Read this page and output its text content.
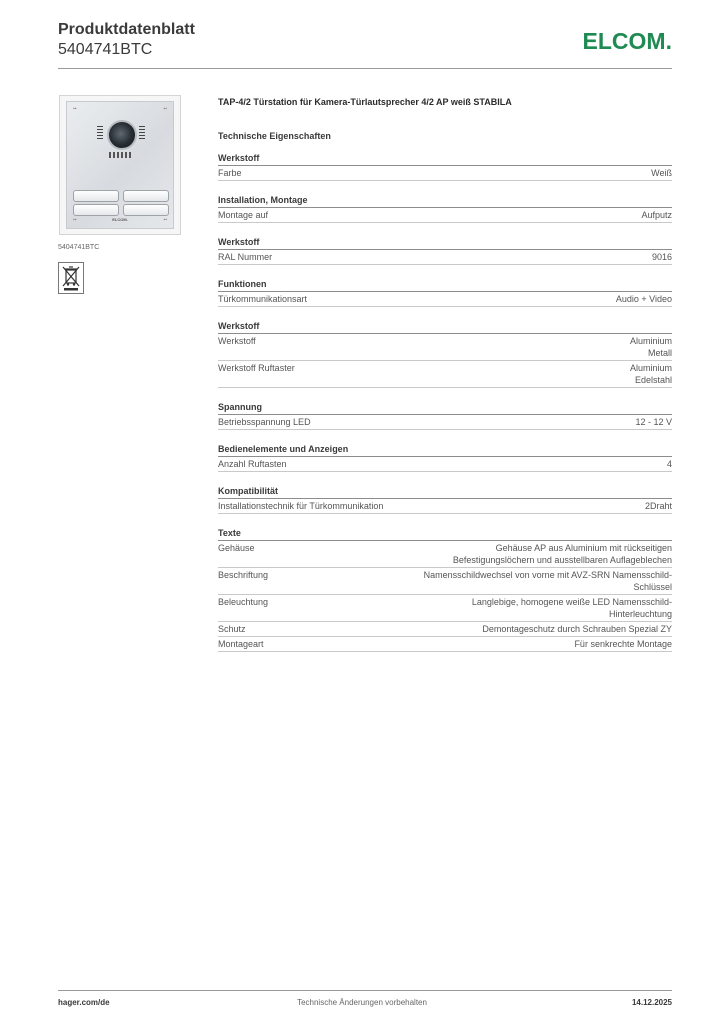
Produktdatenblatt
5404741BTC	ELCOM.
▪▪	▪▪
▪▪	▪▪
ELCOM.
5404741BTC
TAP-4/2 Türstation für Kamera-Türlautsprecher 4/2 AP weiß STABILA
Technische Eigenschaften
Werkstoff
Farbe	Weiß
Installation, Montage
Montage auf	Aufputz
Werkstoff
RAL Nummer	9016
Funktionen
Türkommunikationsart	Audio + Video
Werkstoff
Werkstoff	Aluminium
Metall
Werkstoff Ruftaster	Aluminium
Edelstahl
Spannung
Betriebsspannung LED	12 - 12 V
Bedienelemente und Anzeigen
Anzahl Ruftasten	4
Kompatibilität
Installationstechnik für Türkommunikation	2Draht
Texte
Gehäuse	Gehäuse AP aus Aluminium mit rückseitigen
Befestigungslöchern und ausstellbaren Auflageblechen
Beschriftung	Namensschildwechsel von vorne mit AVZ-SRN Namensschild-
Schlüssel
Beleuchtung	Langlebige, homogene weiße LED Namensschild-
Hinterleuchtung
Schutz	Demontageschutz durch Schrauben Spezial ZY
Montageart	Für senkrechte Montage
hager.com/de	Technische Änderungen vorbehalten	14.12.2025
